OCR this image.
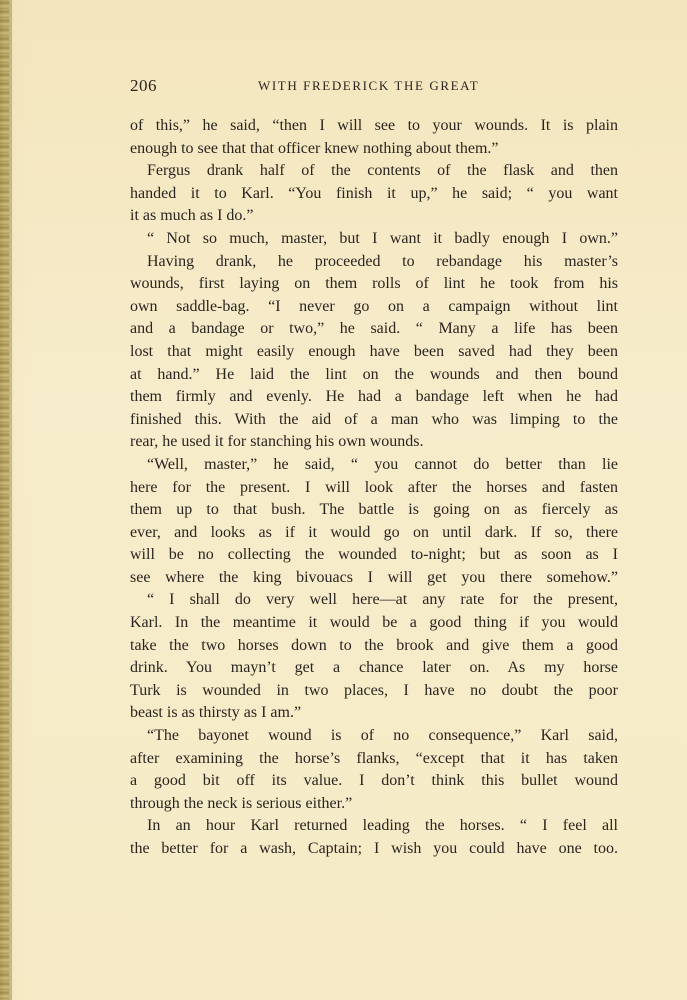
206	WITH FREDERICK THE GREAT
of this,” he said, “then I will see to your wounds. It is plain
enough to see that that officer knew nothing about them.”
Fergus drank half of the contents of the flask and then
handed it to Karl. “You finish it up,” he said; “ you want
it as much as I do.”
“ Not so much, master, but I want it badly enough I own.”
Having drank, he proceeded to rebandage his master’s
wounds, first laying on them rolls of lint he took from his
own saddle-bag. “I never go on a campaign without lint
and a bandage or two,” he said. “ Many a life has been
lost that might easily enough have been saved had they been
at hand.” He laid the lint on the wounds and then bound
them firmly and evenly. He had a bandage left when he had
finished this. With the aid of a man who was limping to the
rear, he used it for stanching his own wounds.
“Well, master,” he said, “ you cannot do better than lie
here for the present. I will look after the horses and fasten
them up to that bush. The battle is going on as fiercely as
ever, and looks as if it would go on until dark. If so, there
will be no collecting the wounded to-night; but as soon as I
see where the king bivouacs I will get you there somehow.”
“ I shall do very well here—at any rate for the present,
Karl. In the meantime it would be a good thing if you would
take the two horses down to the brook and give them a good
drink. You mayn’t get a chance later on. As my horse
Turk is wounded in two places, I have no doubt the poor
beast is as thirsty as I am.”
“The bayonet wound is of no consequence,” Karl said,
after examining the horse’s flanks, “except that it has taken
a good bit off its value. I don’t think this bullet wound
through the neck is serious either.”
In an hour Karl returned leading the horses. “ I feel all
the better for a wash, Captain; I wish you could have one too.
